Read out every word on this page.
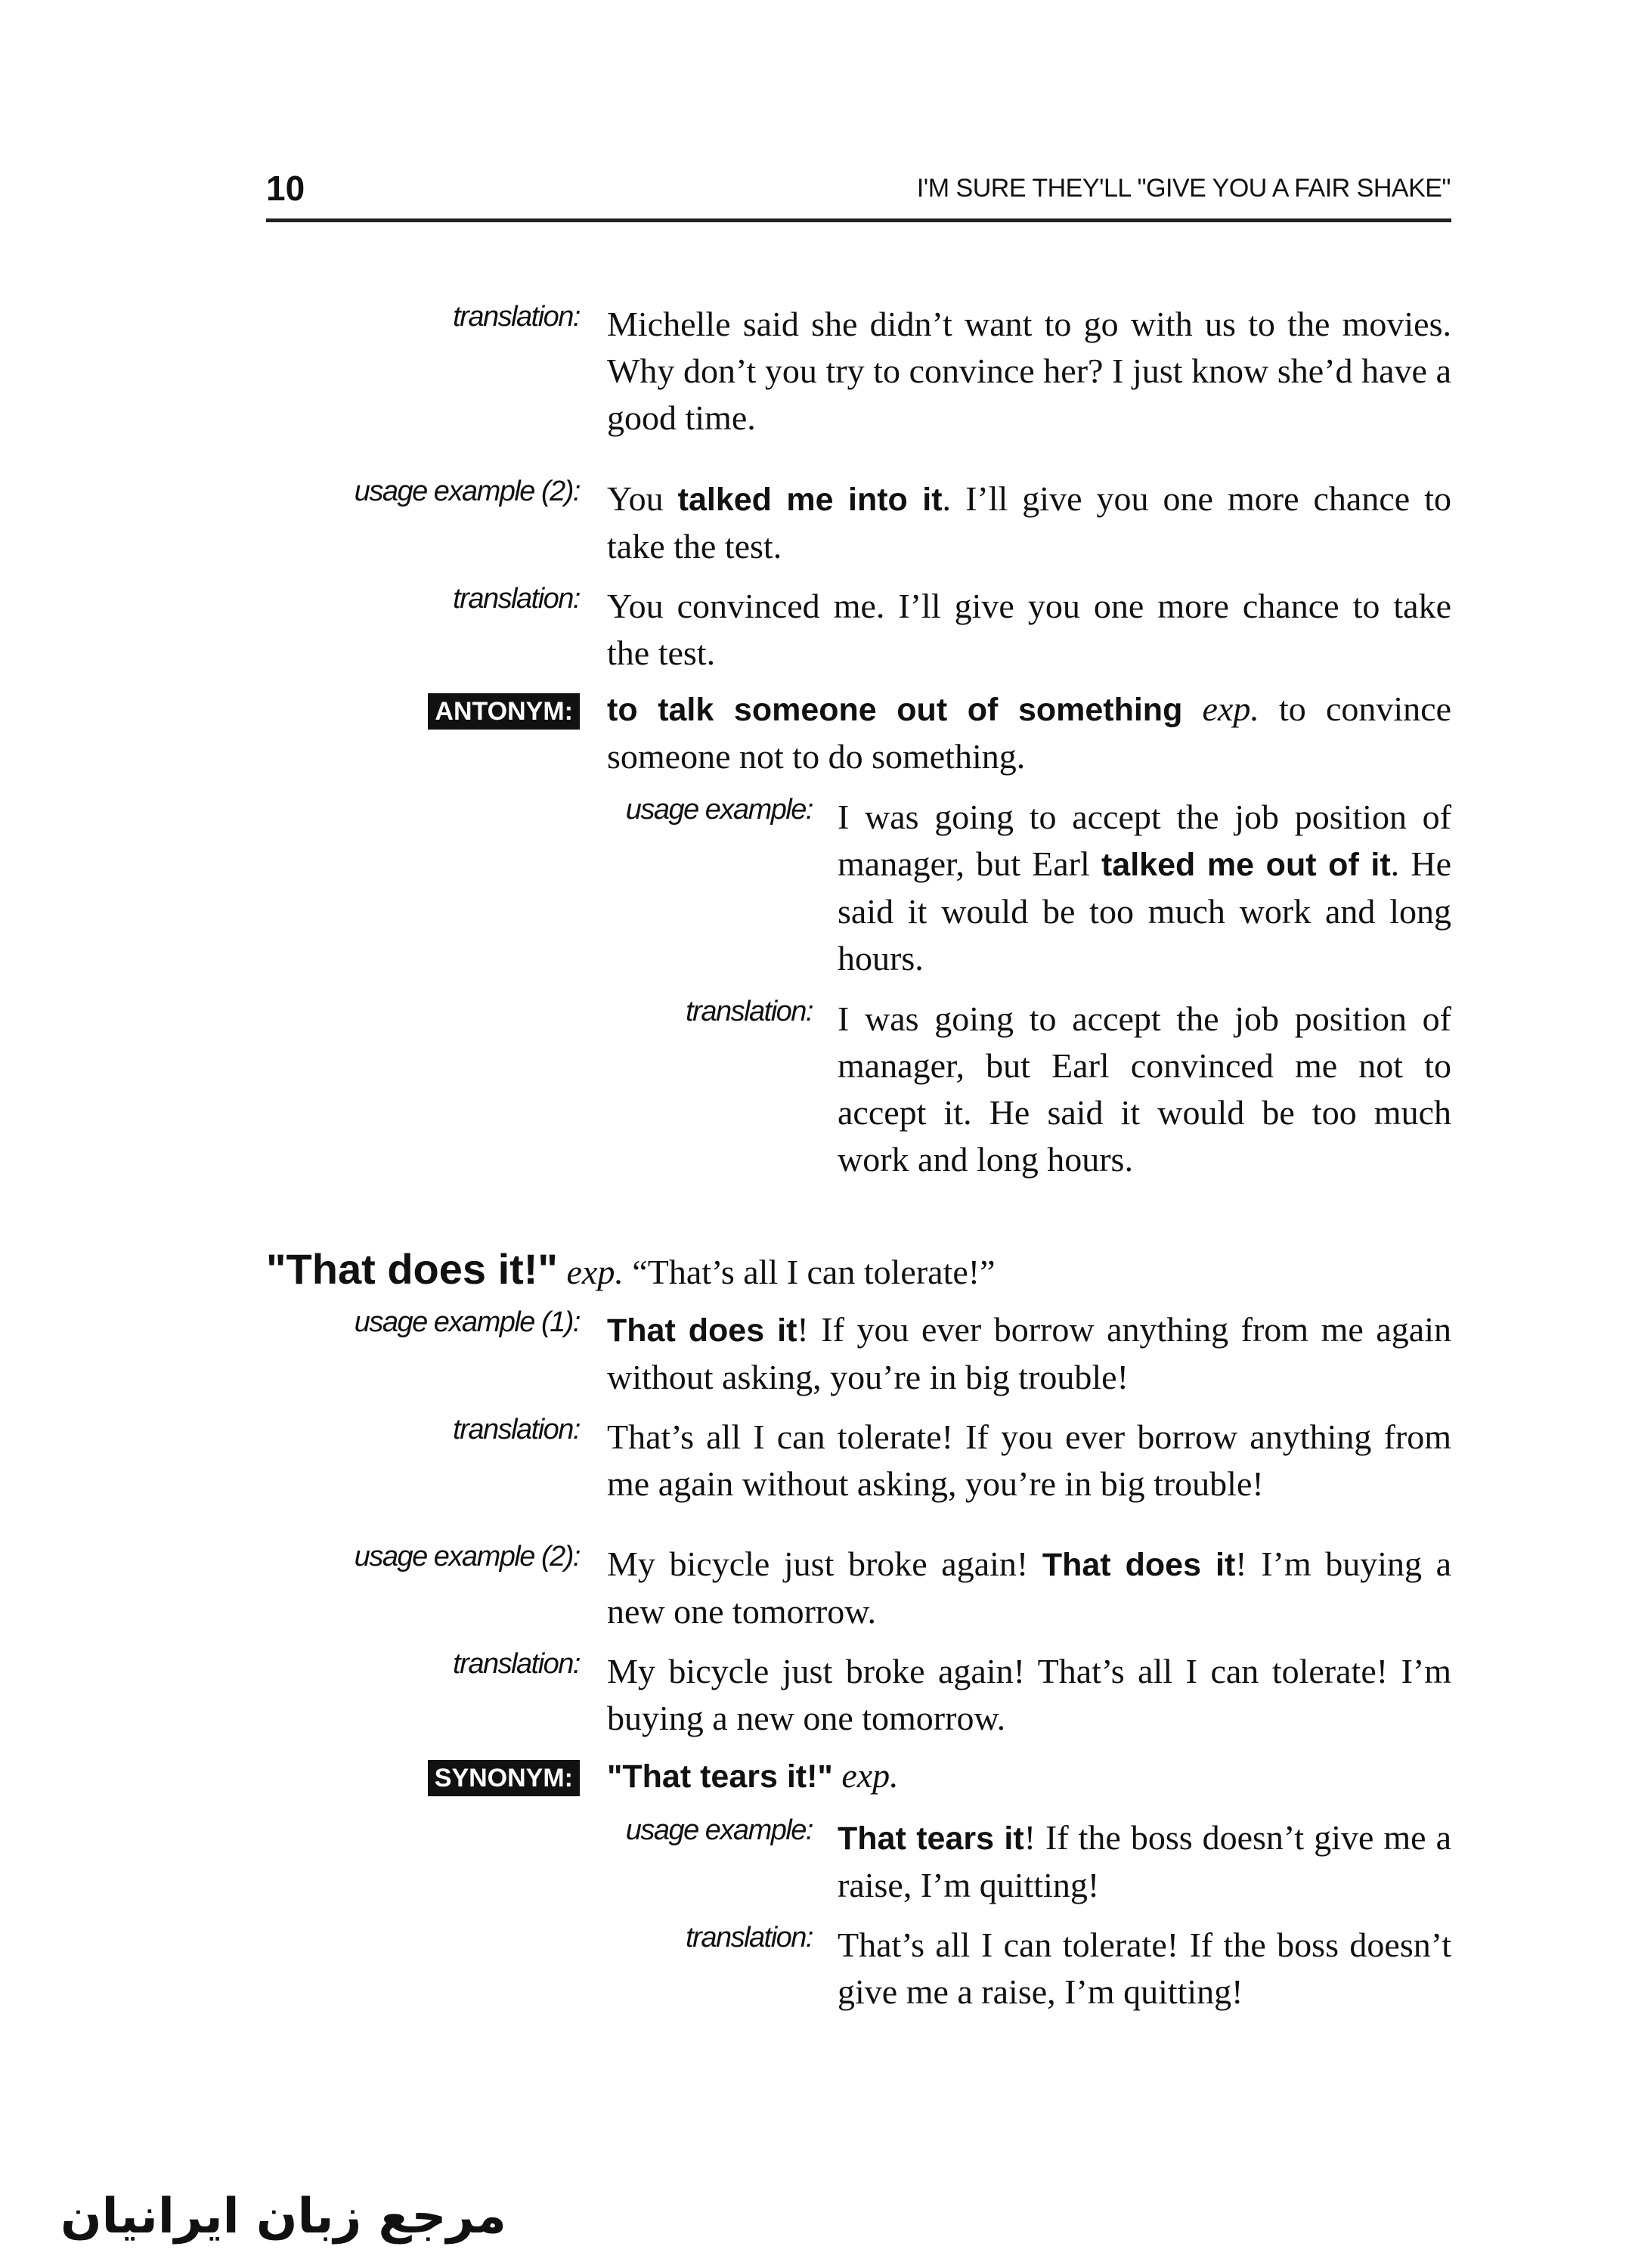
10	I'M SURE THEY'LL "GIVE YOU A FAIR SHAKE"
translation: Michelle said she didn’t want to go with us to the movies. Why don’t you try to convince her? I just know she’d have a good time.
usage example (2): You talked me into it. I’ll give you one more chance to take the test.
translation: You convinced me. I’ll give you one more chance to take the test.
ANTONYM: to talk someone out of something exp. to convince someone not to do something.
usage example: I was going to accept the job position of manager, but Earl talked me out of it. He said it would be too much work and long hours.
translation: I was going to accept the job position of manager, but Earl convinced me not to accept it. He said it would be too much work and long hours.
usage example (1): That does it! If you ever borrow anything from me again without asking, you’re in big trouble!
translation: That’s all I can tolerate! If you ever borrow anything from me again without asking, you’re in big trouble!
usage example (2): My bicycle just broke again! That does it! I’m buying a new one tomorrow.
translation: My bicycle just broke again! That’s all I can tolerate! I’m buying a new one tomorrow.
SYNONYM: "That tears it!" exp.
usage example: That tears it! If the boss doesn’t give me a raise, I’m quitting!
translation: That’s all I can tolerate! If the boss doesn’t give me a raise, I’m quitting!
"That does it!" exp. “That’s all I can tolerate!”
مرجع زبان ایرانیان
